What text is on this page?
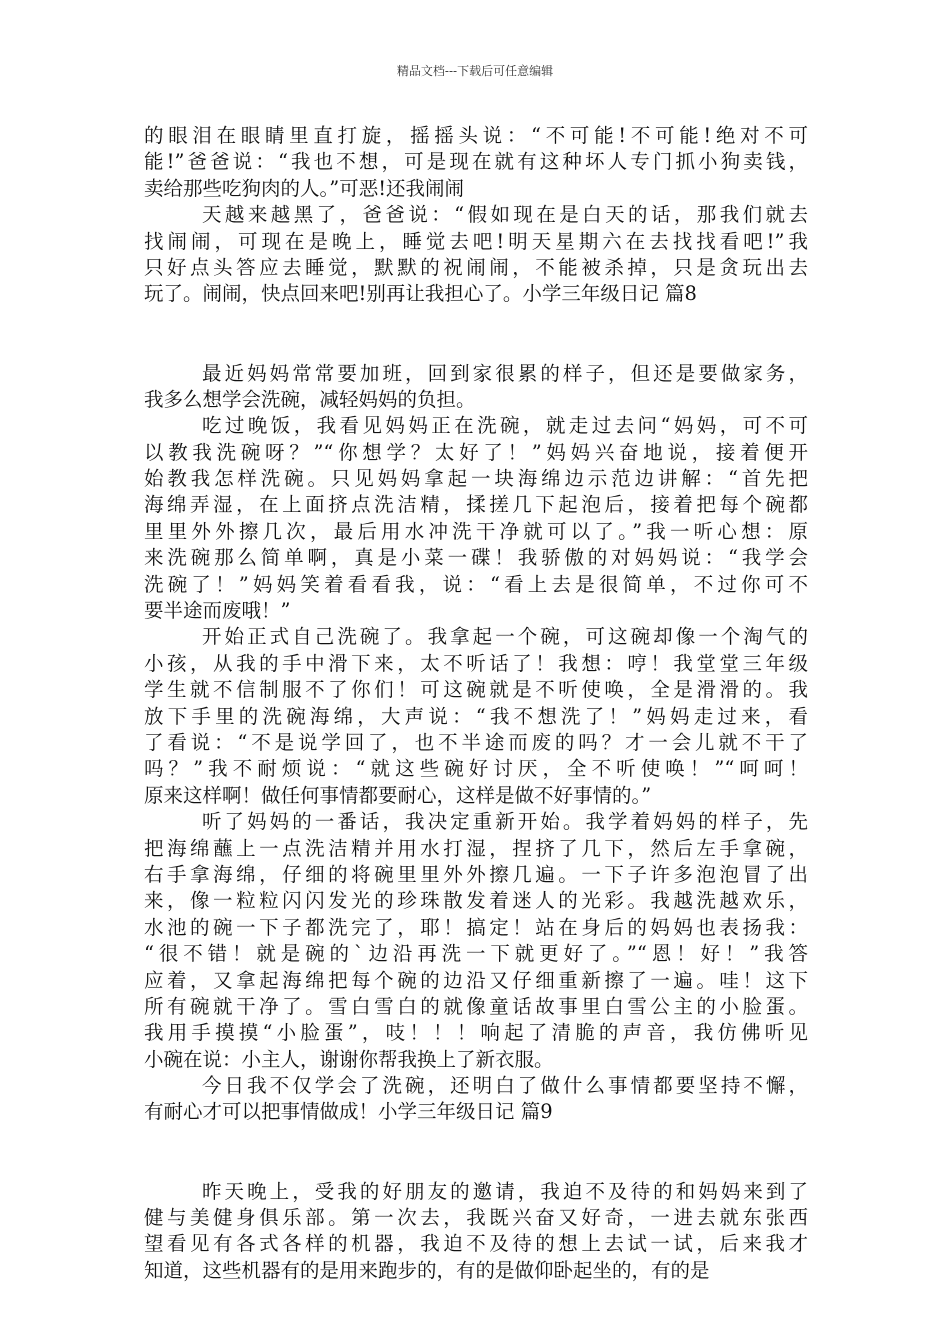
精品文档---下载后可任意编辑
的眼泪在眼睛里直打旋，摇摇头说：“不可能!不可能!绝对不可
能!”爸爸说：“我也不想，可是现在就有这种坏人专门抓小狗卖钱，
卖给那些吃狗肉的人。”可恶!还我闹闹
天越来越黑了，爸爸说：“假如现在是白天的话，那我们就去
找闹闹，可现在是晚上，睡觉去吧!明天星期六在去找找看吧!”我
只好点头答应去睡觉，默默的祝闹闹，不能被杀掉，只是贪玩出去
玩了。闹闹，快点回来吧!别再让我担心了。小学三年级日记 篇8
最近妈妈常常要加班，回到家很累的样子，但还是要做家务，
我多么想学会洗碗，减轻妈妈的负担。
吃过晚饭，我看见妈妈正在洗碗，就走过去问“妈妈，可不可
以教我洗碗呀？”“你想学？太好了！”妈妈兴奋地说，接着便开
始教我怎样洗碗。只见妈妈拿起一块海绵边示范边讲解：“首先把
海绵弄湿，在上面挤点洗洁精，揉搓几下起泡后，接着把每个碗都
里里外外擦几次，最后用水冲洗干净就可以了。”我一听心想：原
来洗碗那么简单啊，真是小菜一碟！我骄傲的对妈妈说：“我学会
洗碗了！”妈妈笑着看看我，说：“看上去是很简单，不过你可不
要半途而废哦！”
开始正式自己洗碗了。我拿起一个碗，可这碗却像一个淘气的
小孩，从我的手中滑下来，太不听话了！我想：哼！我堂堂三年级
学生就不信制服不了你们！可这碗就是不听使唤，全是滑滑的。我
放下手里的洗碗海绵，大声说：“我不想洗了！”妈妈走过来，看
了看说：“不是说学回了，也不半途而废的吗？才一会儿就不干了
吗？”我不耐烦说：“就这些碗好讨厌，全不听使唤！”“呵呵！
原来这样啊！做任何事情都要耐心，这样是做不好事情的。”
听了妈妈的一番话，我决定重新开始。我学着妈妈的样子，先
把海绵蘸上一点洗洁精并用水打湿，捏挤了几下，然后左手拿碗，
右手拿海绵，仔细的将碗里里外外擦几遍。一下子许多泡泡冒了出
来，像一粒粒闪闪发光的珍珠散发着迷人的光彩。我越洗越欢乐，
水池的碗一下子都洗完了，耶！搞定！站在身后的妈妈也表扬我：
“很不错！就是碗的`边沿再洗一下就更好了。”“恩！好！”我答
应着，又拿起海绵把每个碗的边沿又仔细重新擦了一遍。哇！这下
所有碗就干净了。雪白雪白的就像童话故事里白雪公主的小脸蛋。
我用手摸摸“小脸蛋”，吱！！！响起了清脆的声音，我仿佛听见
小碗在说：小主人，谢谢你帮我换上了新衣服。
今日我不仅学会了洗碗，还明白了做什么事情都要坚持不懈，
有耐心才可以把事情做成！小学三年级日记 篇9
昨天晚上，受我的好朋友的邀请，我迫不及待的和妈妈来到了
健与美健身俱乐部。第一次去，我既兴奋又好奇，一进去就东张西
望看见有各式各样的机器，我迫不及待的想上去试一试，后来我才
知道，这些机器有的是用来跑步的，有的是做仰卧起坐的，有的是
